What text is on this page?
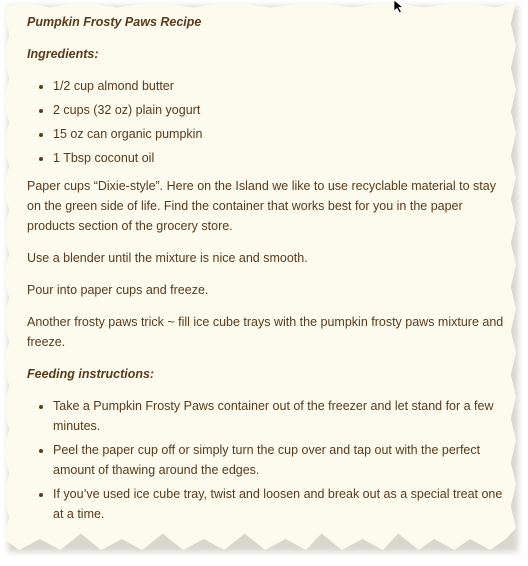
Pumpkin Frosty Paws Recipe
Ingredients:
• 1/2 cup almond butter
• 2 cups (32 oz) plain yogurt
• 15 oz can organic pumpkin
• 1 Tbsp coconut oil

Paper cups “Dixie-style”. Here on the Island we like to use recyclable material to stay on the green side of life. Find the container that works best for you in the paper products section of the grocery store.

Use a blender until the mixture is nice and smooth.

Pour into paper cups and freeze.

Another frosty paws trick ~ fill ice cube trays with the pumpkin frosty paws mixture and freeze.

Feeding instructions:
• Take a Pumpkin Frosty Paws container out of the freezer and let stand for a few minutes.
• Peel the paper cup off or simply turn the cup over and tap out with the perfect amount of thawing around the edges.
• If you’ve used ice cube tray, twist and loosen and break out as a special treat one at a time.
